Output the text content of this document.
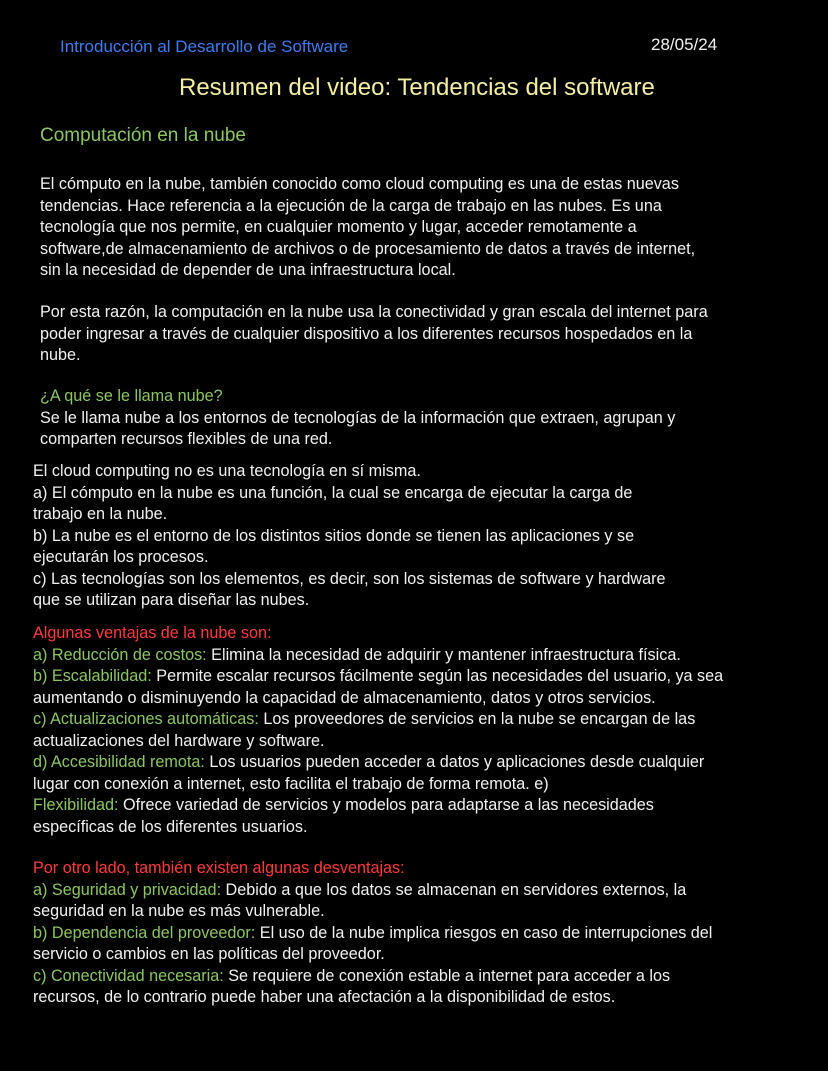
Introducción al Desarrollo de Software	28/05/24
Resumen del video: Tendencias del software
Computación en la nube
El cómputo en la nube, también conocido como cloud computing es una de estas nuevas
tendencias. Hace referencia a la ejecución de la carga de trabajo en las nubes. Es una
tecnología que nos permite, en cualquier momento y lugar, acceder remotamente a
software,de almacenamiento de archivos o de procesamiento de datos a través de internet,
sin la necesidad de depender de una infraestructura local.
Por esta razón, la computación en la nube usa la conectividad y gran escala del internet para
poder ingresar a través de cualquier dispositivo a los diferentes recursos hospedados en la
nube.
¿A qué se le llama nube?
Se le llama nube a los entornos de tecnologías de la información que extraen, agrupan y
comparten recursos flexibles de una red.
El cloud computing no es una tecnología en sí misma.
a) El cómputo en la nube es una función, la cual se encarga de ejecutar la carga de
trabajo en la nube.
b) La nube es el entorno de los distintos sitios donde se tienen las aplicaciones y se
ejecutarán los procesos.
c) Las tecnologías son los elementos, es decir, son los sistemas de software y hardware
que se utilizan para diseñar las nubes.
Algunas ventajas de la nube son:
a) Reducción de costos: Elimina la necesidad de adquirir y mantener infraestructura física.
b) Escalabilidad: Permite escalar recursos fácilmente según las necesidades del usuario, ya sea
aumentando o disminuyendo la capacidad de almacenamiento, datos y otros servicios.
c) Actualizaciones automáticas: Los proveedores de servicios en la nube se encargan de las
actualizaciones del hardware y software.
d) Accesibilidad remota: Los usuarios pueden acceder a datos y aplicaciones desde cualquier
lugar con conexión a internet, esto facilita el trabajo de forma remota. e)
Flexibilidad: Ofrece variedad de servicios y modelos para adaptarse a las necesidades
específicas de los diferentes usuarios.
Por otro lado, también existen algunas desventajas:
a) Seguridad y privacidad: Debido a que los datos se almacenan en servidores externos, la
seguridad en la nube es más vulnerable.
b) Dependencia del proveedor: El uso de la nube implica riesgos en caso de interrupciones del
servicio o cambios en las políticas del proveedor.
c) Conectividad necesaria: Se requiere de conexión estable a internet para acceder a los
recursos, de lo contrario puede haber una afectación a la disponibilidad de estos.
